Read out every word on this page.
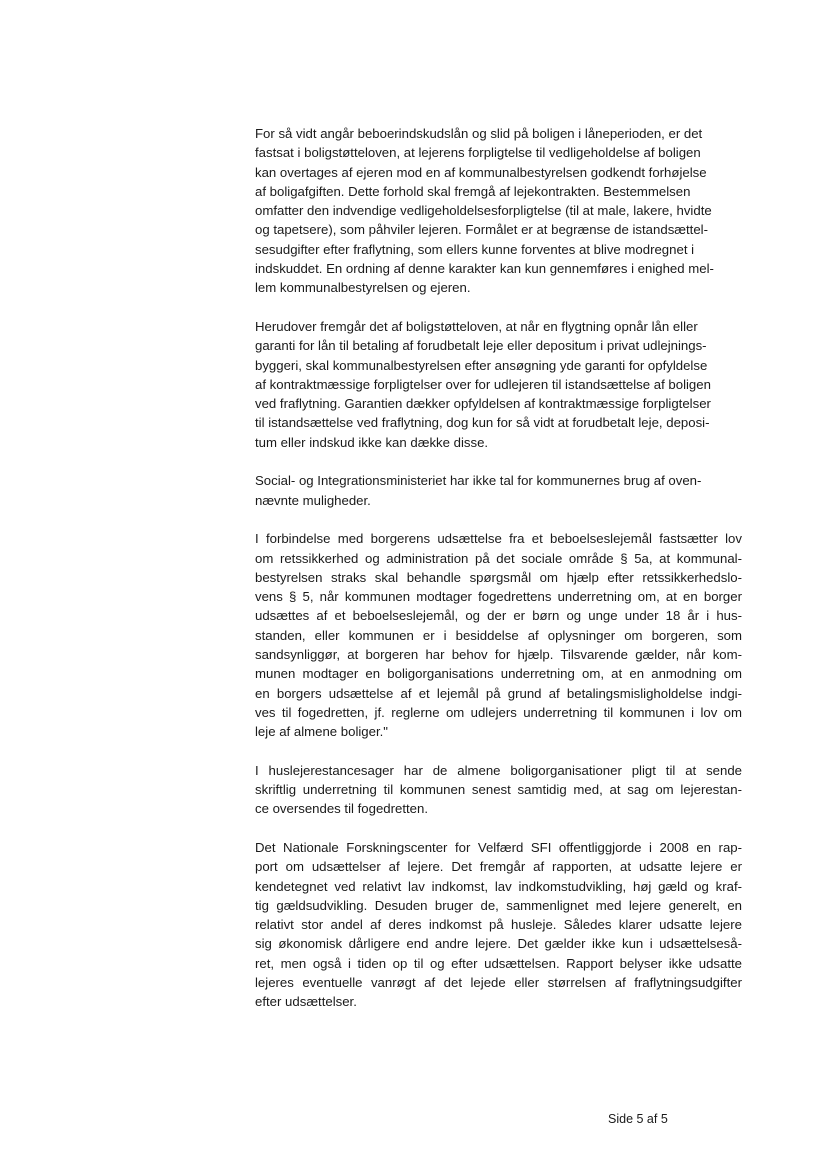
For så vidt angår beboerindskudslån og slid på boligen i låneperioden, er det
fastsat i boligstøtteloven, at lejerens forpligtelse til vedligeholdelse af boligen
kan overtages af ejeren mod en af kommunalbestyrelsen godkendt forhøjelse
af boligafgiften. Dette forhold skal fremgå af lejekontrakten. Bestemmelsen
omfatter den indvendige vedligeholdelsesforpligtelse (til at male, lakere, hvidte
og tapetsere), som påhviler lejeren. Formålet er at begrænse de istandsættel-
sesudgifter efter fraflytning, som ellers kunne forventes at blive modregnet i
indskuddet. En ordning af denne karakter kan kun gennemføres i enighed mel-
lem kommunalbestyrelsen og ejeren.

Herudover fremgår det af boligstøtteloven, at når en flygtning opnår lån eller
garanti for lån til betaling af forudbetalt leje eller depositum i privat udlejnings-
byggeri, skal kommunalbestyrelsen efter ansøgning yde garanti for opfyldelse
af kontraktmæssige forpligtelser over for udlejeren til istandsættelse af boligen
ved fraflytning. Garantien dækker opfyldelsen af kontraktmæssige forpligtelser
til istandsættelse ved fraflytning, dog kun for så vidt at forudbetalt leje, deposi-
tum eller indskud ikke kan dække disse.

Social- og Integrationsministeriet har ikke tal for kommunernes brug af oven-
nævnte muligheder.

I forbindelse med borgerens udsættelse fra et beboelseslejemål fastsætter lov
om retssikkerhed og administration på det sociale område § 5a, at kommunal-
bestyrelsen straks skal behandle spørgsmål om hjælp efter retssikkerhedslo-
vens § 5, når kommunen modtager fogedrettens underretning om, at en borger
udsættes af et beboelseslejemål, og der er børn og unge under 18 år i hus-
standen, eller kommunen er i besiddelse af oplysninger om borgeren, som
sandsynliggør, at borgeren har behov for hjælp. Tilsvarende gælder, når kom-
munen modtager en boligorganisations underretning om, at en anmodning om
en borgers udsættelse af et lejemål på grund af betalingsmisligholdelse indgi-
ves til fogedretten, jf. reglerne om udlejers underretning til kommunen i lov om
leje af almene boliger."

I huslejerestancesager har de almene boligorganisationer pligt til at sende
skriftlig underretning til kommunen senest samtidig med, at sag om lejerestan-
ce oversendes til fogedretten.

Det Nationale Forskningscenter for Velfærd SFI offentliggjorde i 2008 en rap-
port om udsættelser af lejere. Det fremgår af rapporten, at udsatte lejere er
kendetegnet ved relativt lav indkomst, lav indkomstudvikling, høj gæld og kraf-
tig gældsudvikling. Desuden bruger de, sammenlignet med lejere generelt, en
relativt stor andel af deres indkomst på husleje. Således klarer udsatte lejere
sig økonomisk dårligere end andre lejere. Det gælder ikke kun i udsættelseså-
ret, men også i tiden op til og efter udsættelsen. Rapport belyser ikke udsatte
lejeres eventuelle vanrøgt af det lejede eller størrelsen af fraflytningsudgifter
efter udsættelser.

Side 5 af 5
